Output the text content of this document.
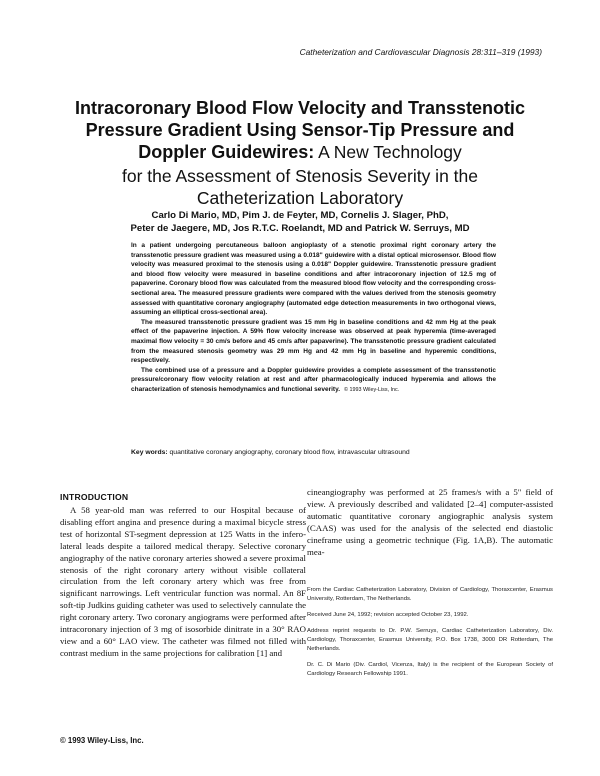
Catheterization and Cardiovascular Diagnosis 28:311–319 (1993)
Intracoronary Blood Flow Velocity and Transstenotic
Pressure Gradient Using Sensor-Tip Pressure and
Doppler Guidewires: A New Technology
for the Assessment of Stenosis Severity in the
Catheterization Laboratory
Carlo Di Mario, MD, Pim J. de Feyter, MD, Cornelis J. Slager, PhD,
Peter de Jaegere, MD, Jos R.T.C. Roelandt, MD and Patrick W. Serruys, MD

In a patient undergoing percutaneous balloon angioplasty of a stenotic proximal right coronary artery the transstenotic pressure gradient was measured using a 0.018" guidewire with a distal optical microsensor. Blood flow velocity was measured proximal to the stenosis using a 0.018" Doppler guidewire. Transstenotic pressure gradient and blood flow velocity were measured in baseline conditions and after intracoronary injection of 12.5 mg of papaverine. Coronary blood flow was calculated from the measured blood flow velocity and the corresponding cross-sectional area. The measured pressure gradients were compared with the values derived from the stenosis geometry assessed with quantitative coronary angiography (automated edge detection measurements in two orthogonal views, assuming an elliptical cross-sectional area).

The measured transstenotic pressure gradient was 15 mm Hg in baseline conditions and 42 mm Hg at the peak effect of the papaverine injection. A 59% flow velocity increase was observed at peak hyperemia (time-averaged maximal flow velocity = 30 cm/s before and 45 cm/s after papaverine). The transstenotic pressure gradient calculated from the measured stenosis geometry was 29 mm Hg and 42 mm Hg in baseline and hyperemic conditions, respectively.

The combined use of a pressure and a Doppler guidewire provides a complete assessment of the transstenotic pressure/coronary flow velocity relation at rest and after pharmacologically induced hyperemia and allows the characterization of stenosis hemodynamics and functional severity. © 1993 Wiley-Liss, Inc.

Key words: quantitative coronary angiography, coronary blood flow, intravascular ultrasound
INTRODUCTION

A 58 year-old man was referred to our Hospital because of disabling effort angina and presence during a maximal bicycle stress test of horizontal ST-segment depression at 125 Watts in the infero-lateral leads despite a tailored medical therapy. Selective coronary angiography of the native coronary arteries showed a severe proximal stenosis of the right coronary artery without visible collateral circulation from the left coronary artery which was free from significant narrowings. Left ventricular function was normal. An 8F soft-tip Judkins guiding catheter was used to selectively cannulate the right coronary artery. Two coronary angiograms were performed after intracoronary injection of 3 mg of isosorbide dinitrate in a 30° RAO view and a 60° LAO view. The catheter was filmed not filled with contrast medium in the same projections for calibration [1] and

cineangiography was performed at 25 frames/s with a 5" field of view. A previously described and validated [2–4] computer-assisted automatic quantitative coronary angiographic analysis system (CAAS) was used for the analysis of the selected end diastolic cineframe using a geometric technique (Fig. 1A,B). The automatic mea-

From the Cardiac Catheterization Laboratory, Division of Cardiology, Thoraxcenter, Erasmus University, Rotterdam, The Netherlands.

Received June 24, 1992; revision accepted October 23, 1992.

Address reprint requests to Dr. P.W. Serruys, Cardiac Catheterization Laboratory, Div. Cardiology, Thoraxcenter, Erasmus University, P.O. Box 1738, 3000 DR Rotterdam, The Netherlands.

Dr. C. Di Mario (Div. Cardiol, Vicenza, Italy) is the recipient of the European Society of Cardiology Research Fellowship 1991.

© 1993 Wiley-Liss, Inc.
